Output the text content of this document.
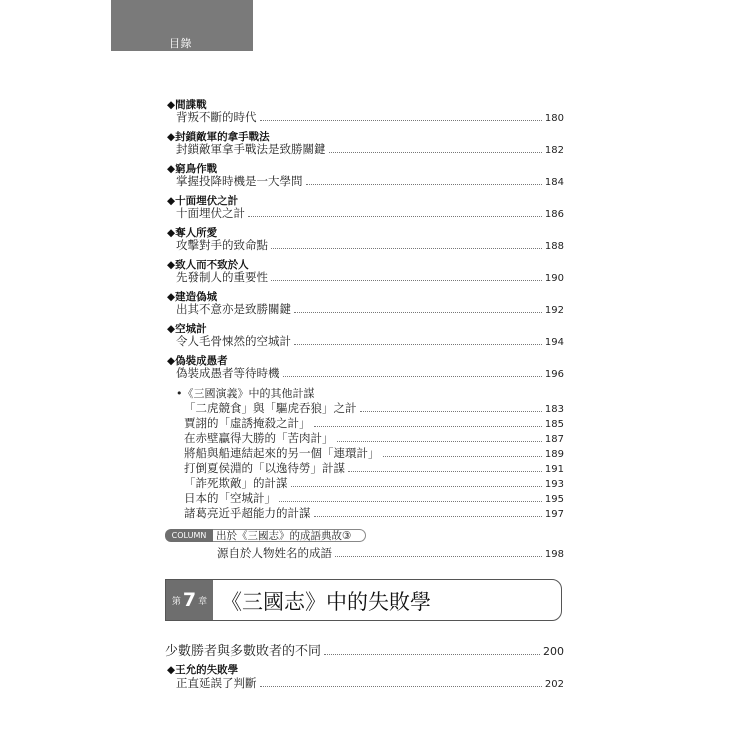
目錄 CONTENTS
◆間諜戰
背叛不斷的時代	180
◆封鎖敵軍的拿手戰法
封鎖敵軍拿手戰法是致勝關鍵	182
◆窮鳥作戰
掌握投降時機是一大學問	184
◆十面埋伏之計
十面埋伏之計	186
◆奪人所愛
攻擊對手的致命點	188
◆致人而不致於人
先發制人的重要性	190
◆建造偽城
出其不意亦是致勝關鍵	192
◆空城計
令人毛骨悚然的空城計	194
◆偽裝成愚者
偽裝成愚者等待時機	196
•《三國演義》中的其他計謀
「二虎競食」與「驅虎吞狼」之計	183
賈詡的「虛誘掩殺之計」	185
在赤壁贏得大勝的「苦肉計」	187
將船與船連結起來的另一個「連環計」	189
打倒夏侯淵的「以逸待勞」計謀	191
「詐死欺敵」的計謀	193
日本的「空城計」	195
諸葛亮近乎超能力的計謀	197
COLUMN 出於《三國志》的成語典故③
源自於人物姓名的成語	198
第 7 章 《三國志》中的失敗學
少數勝者與多數敗者的不同	200
◆王允的失敗學
正直延誤了判斷	202
